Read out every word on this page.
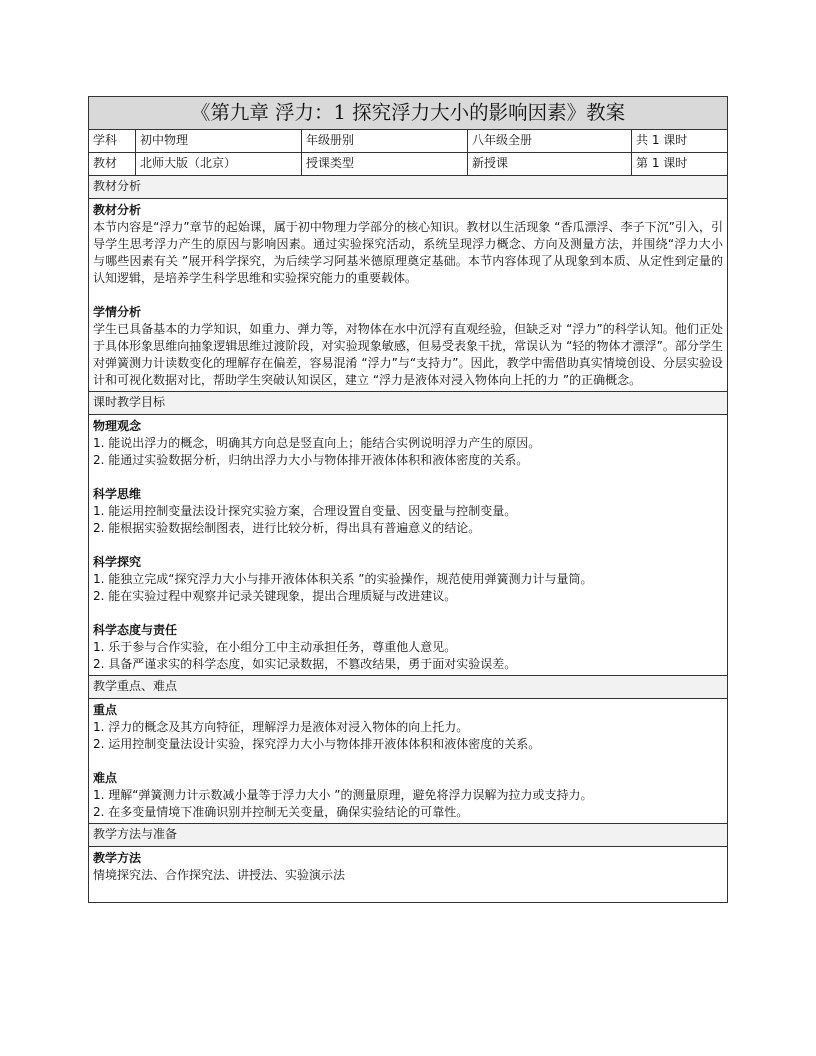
《第九章 浮力：1 探究浮力大小的影响因素》教案
学科	初中物理	年级册别	八年级全册	共 1 课时
教材	北师大版（北京）	授课类型	新授课	第 1 课时
教材分析
教材分析

本节内容是“浮力”章节的起始课，属于初中物理力学部分的核心知识。教材以生活现象 “香瓜漂浮、李子下沉”引入，引导学生思考浮力产生的原因与影响因素。通过实验探究活动，系统呈现浮力概念、方向及测量方法，并围绕“浮力大小与哪些因素有关 ”展开科学探究，为后续学习阿基米德原理奠定基础。本节内容体现了从现象到本质、从定性到定量的认知逻辑，是培养学生科学思维和实验探究能力的重要载体。

学情分析

学生已具备基本的力学知识，如重力、弹力等，对物体在水中沉浮有直观经验，但缺乏对 “浮力”的科学认知。他们正处于具体形象思维向抽象逻辑思维过渡阶段，对实验现象敏感，但易受表象干扰，常误认为 “轻的物体才漂浮”。部分学生对弹簧测力计读数变化的理解存在偏差，容易混淆 “浮力”与“支持力”。因此，教学中需借助真实情境创设、分层实验设计和可视化数据对比，帮助学生突破认知误区，建立 “浮力是液体对浸入物体向上托的力 ”的正确概念。

课时教学目标
物理观念

1. 能说出浮力的概念，明确其方向总是竖直向上；能结合实例说明浮力产生的原因。

2. 能通过实验数据分析，归纳出浮力大小与物体排开液体体积和液体密度的关系。

科学思维

1. 能运用控制变量法设计探究实验方案，合理设置自变量、因变量与控制变量。

2. 能根据实验数据绘制图表，进行比较分析，得出具有普遍意义的结论。

科学探究

1. 能独立完成“探究浮力大小与排开液体体积关系 ”的实验操作，规范使用弹簧测力计与量筒。

2. 能在实验过程中观察并记录关键现象，提出合理质疑与改进建议。

科学态度与责任

1. 乐于参与合作实验，在小组分工中主动承担任务，尊重他人意见。

2. 具备严谨求实的科学态度，如实记录数据，不篡改结果，勇于面对实验误差。

教学重点、难点
重点

1. 浮力的概念及其方向特征，理解浮力是液体对浸入物体的向上托力。

2. 运用控制变量法设计实验，探究浮力大小与物体排开液体体积和液体密度的关系。

难点

1. 理解“弹簧测力计示数减小量等于浮力大小 ”的测量原理，避免将浮力误解为拉力或支持力。

2. 在多变量情境下准确识别并控制无关变量，确保实验结论的可靠性。

教学方法与准备
教学方法

情境探究法、合作探究法、讲授法、实验演示法
